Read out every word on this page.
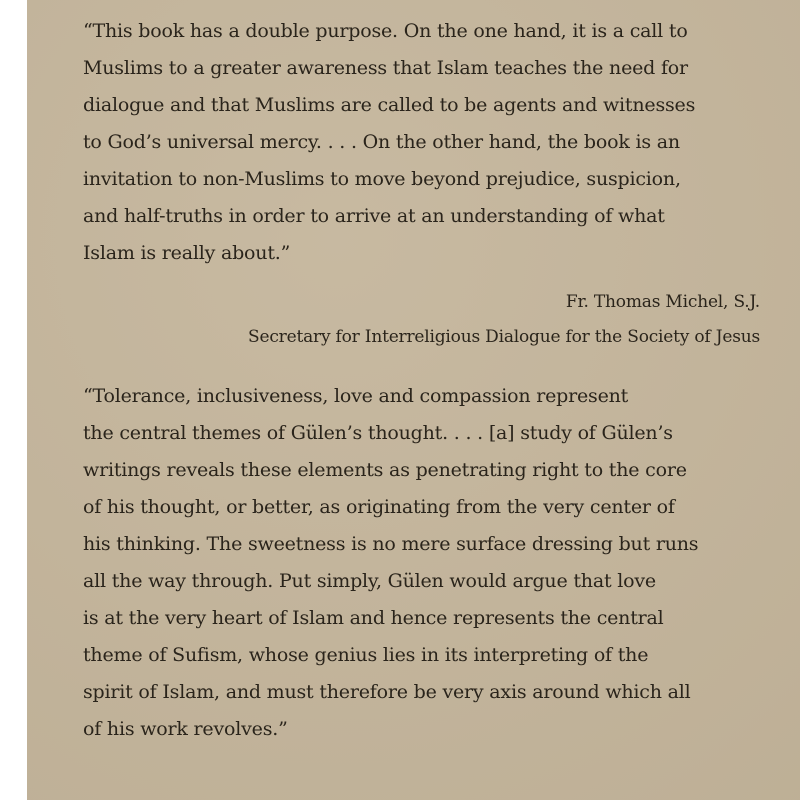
“This book has a double purpose. On the one hand, it is a call to
Muslims to a greater awareness that Islam teaches the need for
dialogue and that Muslims are called to be agents and witnesses
to God’s universal mercy. . . . On the other hand, the book is an
invitation to non-Muslims to move beyond prejudice, suspicion,
and half-truths in order to arrive at an understanding of what
Islam is really about.”
Fr. Thomas Michel, S.J.
Secretary for Interreligious Dialogue for the Society of Jesus
“Tolerance, inclusiveness, love and compassion represent
the central themes of Gülen’s thought. . . . [a] study of Gülen’s
writings reveals these elements as penetrating right to the core
of his thought, or better, as originating from the very center of
his thinking. The sweetness is no mere surface dressing but runs
all the way through. Put simply, Gülen would argue that love
is at the very heart of Islam and hence represents the central
theme of Sufism, whose genius lies in its interpreting of the
spirit of Islam, and must therefore be very axis around which all
of his work revolves.”
